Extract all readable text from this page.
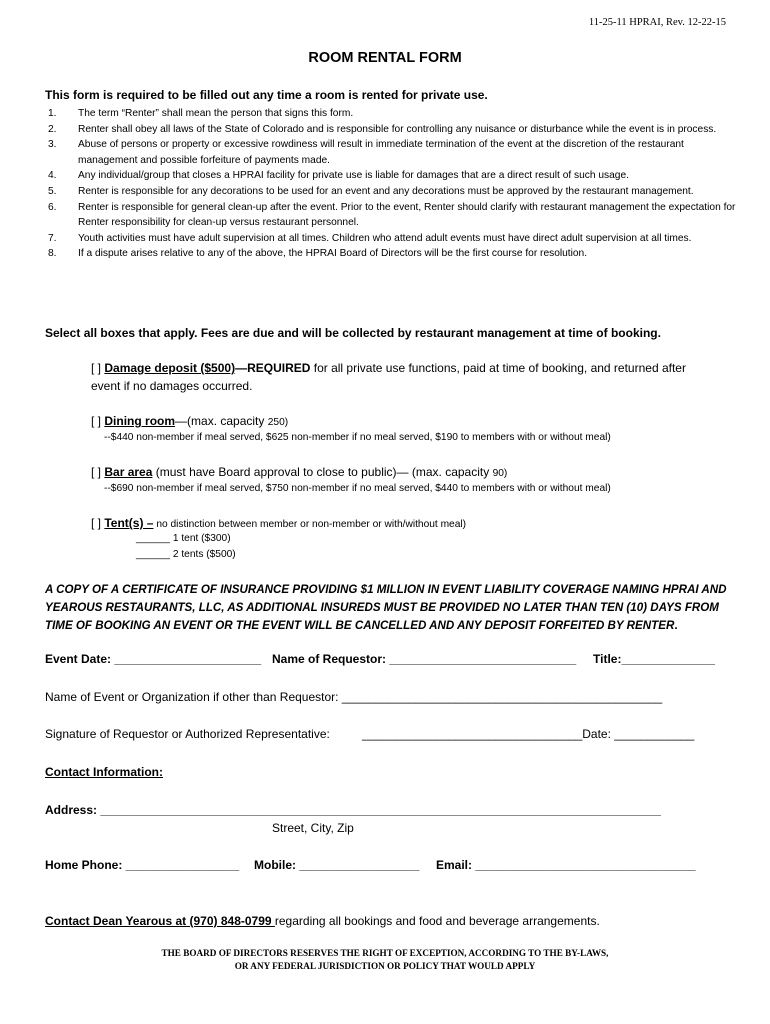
11-25-11 HPRAI, Rev. 12-22-15
ROOM RENTAL FORM
This form is required to be filled out any time a room is rented for private use.
1.	The term “Renter” shall mean the person that signs this form.
2.	Renter shall obey all laws of the State of Colorado and is responsible for controlling any nuisance or disturbance while the event is in process.
3.	Abuse of persons or property or excessive rowdiness will result in immediate termination of the event at the discretion of the restaurant management and possible forfeiture of payments made.
4.	Any individual/group that closes a HPRAI facility for private use is liable for damages that are a direct result of such usage.
5.	Renter is responsible for any decorations to be used for an event and any decorations must be approved by the restaurant management.
6.	Renter is responsible for general clean-up after the event. Prior to the event, Renter should clarify with restaurant management the expectation for Renter responsibility for clean-up versus restaurant personnel.
7.	Youth activities must have adult supervision at all times. Children who attend adult events must have direct adult supervision at all times.
8.	If a dispute arises relative to any of the above, the HPRAI Board of Directors will be the first course for resolution.
Select all boxes that apply. Fees are due and will be collected by restaurant management at time of booking.
[ ] Damage deposit ($500)—REQUIRED for all private use functions, paid at time of booking, and returned after
event if no damages occurred.
[ ] Dining room—(max. capacity 250)
--$440 non-member if meal served, $625 non-member if no meal served, $190 to members with or without meal)
[ ] Bar area (must have Board approval to close to public)— (max. capacity 90)
--$690 non-member if meal served, $750 non-member if no meal served, $440 to members with or without meal)
[ ] Tent(s) – no distinction between member or non-member or with/without meal)
______ 1 tent ($300)
______ 2 tents ($500)
A COPY OF A CERTIFICATE OF INSURANCE PROVIDING $1 MILLION IN EVENT LIABILITY COVERAGE NAMING HPRAI AND YEAROUS RESTAURANTS, LLC, AS ADDITIONAL INSUREDS MUST BE PROVIDED NO LATER THAN TEN (10) DAYS FROM TIME OF BOOKING AN EVENT OR THE EVENT WILL BE CANCELLED AND ANY DEPOSIT FORFEITED BY RENTER.
Event Date: ______________________ Name of Requestor: ____________________________ Title:______________
Name of Event or Organization if other than Requestor: ________________________________________________
Signature of Requestor or Authorized Representative:	_________________________________Date: ____________
Contact Information:
Address: ____________________________________________________________________________________
Street, City, Zip
Home Phone: _________________ Mobile: __________________ Email: _________________________________
Contact Dean Yearous at (970) 848-0799 regarding all bookings and food and beverage arrangements.
THE BOARD OF DIRECTORS RESERVES THE RIGHT OF EXCEPTION, ACCORDING TO THE BY-LAWS,
OR ANY FEDERAL JURISDICTION OR POLICY THAT WOULD APPLY
